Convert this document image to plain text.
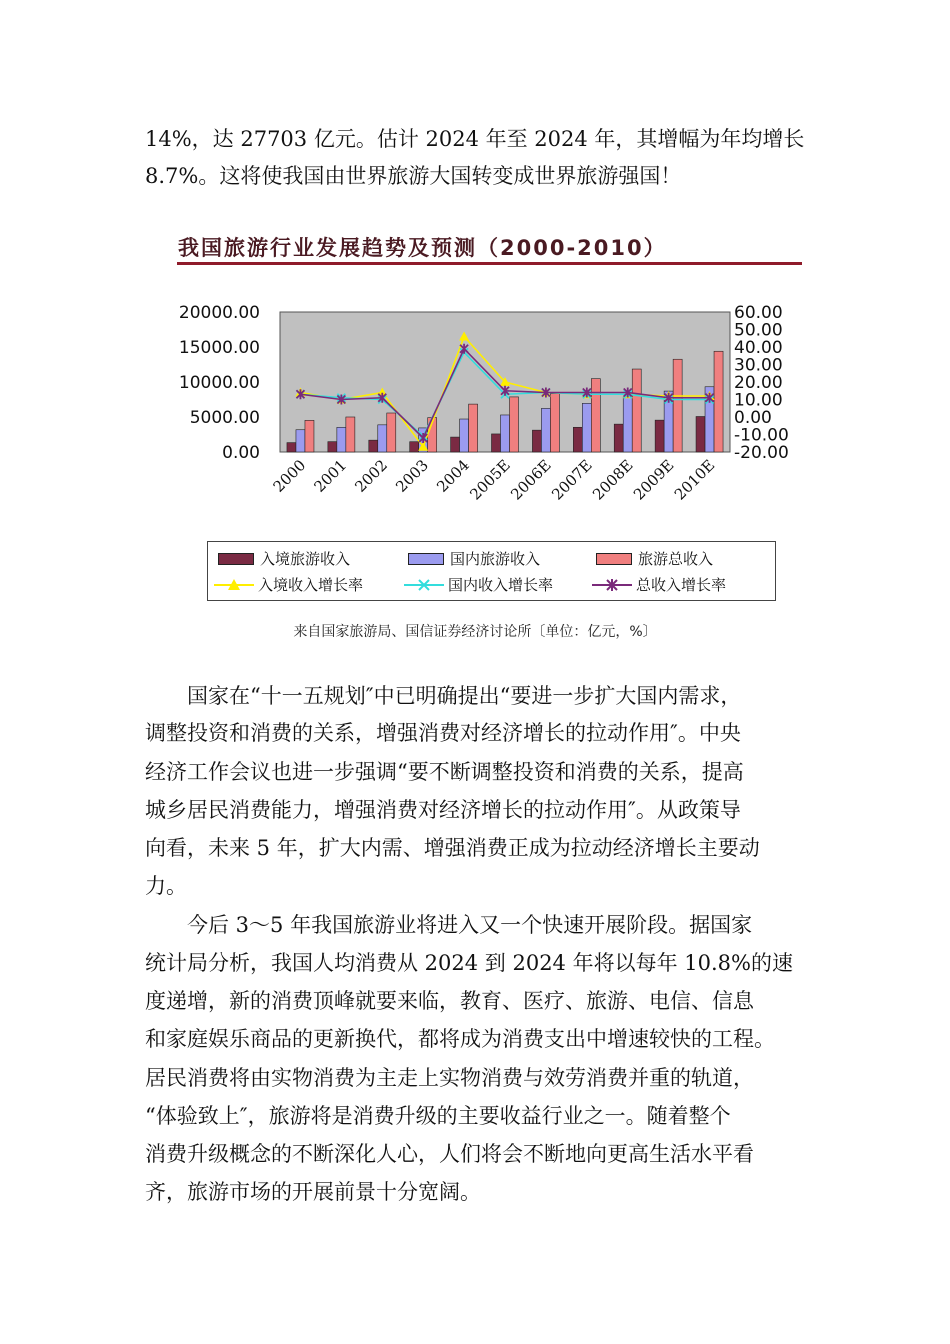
14%，达 27703 亿元。估计 2024 年至 2024 年，其增幅为年均增长
8.7%。这将使我国由世界旅游大国转变成世界旅游强国！
我国旅游行业发展趋势及预测（2000-2010）
0.00
5000.00
10000.00
15000.00
20000.00
-20.00
-10.00
0.00
10.00
20.00
30.00
40.00
50.00
60.00
2000 2001 2002 2003 2004
2005E
2006E
2007E
2008E
2009E
2010E
入境旅游收入	国内旅游收入	旅游总收入
入境收入增长率	国内收入增长率	总收入增长率
来自国家旅游局、国信证券经济讨论所〔单位：亿元，%〕
　　国家在“十一五规划″中已明确提出“要进一步扩大国内需求，
调整投资和消费的关系，增强消费对经济增长的拉动作用″。中央
经济工作会议也进一步强调“要不断调整投资和消费的关系，提高
城乡居民消费能力，增强消费对经济增长的拉动作用″。从政策导
向看，未来 5 年，扩大内需、增强消费正成为拉动经济增长主要动
力。
　　今后 3～5 年我国旅游业将进入又一个快速开展阶段。据国家
统计局分析，我国人均消费从 2024 到 2024 年将以每年 10.8%的速
度递增，新的消费顶峰就要来临，教育、医疗、旅游、电信、信息
和家庭娱乐商品的更新换代，都将成为消费支出中增速较快的工程。
居民消费将由实物消费为主走上实物消费与效劳消费并重的轨道，
“体验致上″，旅游将是消费升级的主要收益行业之一。随着整个
消费升级概念的不断深化人心，人们将会不断地向更高生活水平看
齐，旅游市场的开展前景十分宽阔。
